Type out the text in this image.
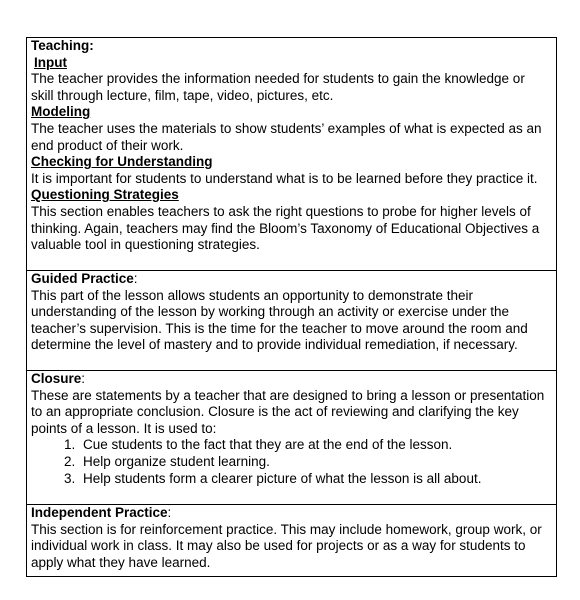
Teaching:

Input

The teacher provides the information needed for students to gain the knowledge or skill through lecture, film, tape, video, pictures, etc.

Modeling

The teacher uses the materials to show students’ examples of what is expected as an end product of their work.

Checking for Understanding

It is important for students to understand what is to be learned before they practice it.

Questioning Strategies

This section enables teachers to ask the right questions to probe for higher levels of thinking. Again, teachers may find the Bloom’s Taxonomy of Educational Objectives a valuable tool in questioning strategies.

Guided Practice:

This part of the lesson allows students an opportunity to demonstrate their understanding of the lesson by working through an activity or exercise under the teacher’s supervision. This is the time for the teacher to move around the room and determine the level of mastery and to provide individual remediation, if necessary.

Closure:

These are statements by a teacher that are designed to bring a lesson or presentation to an appropriate conclusion. Closure is the act of reviewing and clarifying the key points of a lesson. It is used to:

1. Cue students to the fact that they are at the end of the lesson.
2. Help organize student learning.
3. Help students form a clearer picture of what the lesson is all about.

Independent Practice:

This section is for reinforcement practice. This may include homework, group work, or individual work in class. It may also be used for projects or as a way for students to apply what they have learned.
